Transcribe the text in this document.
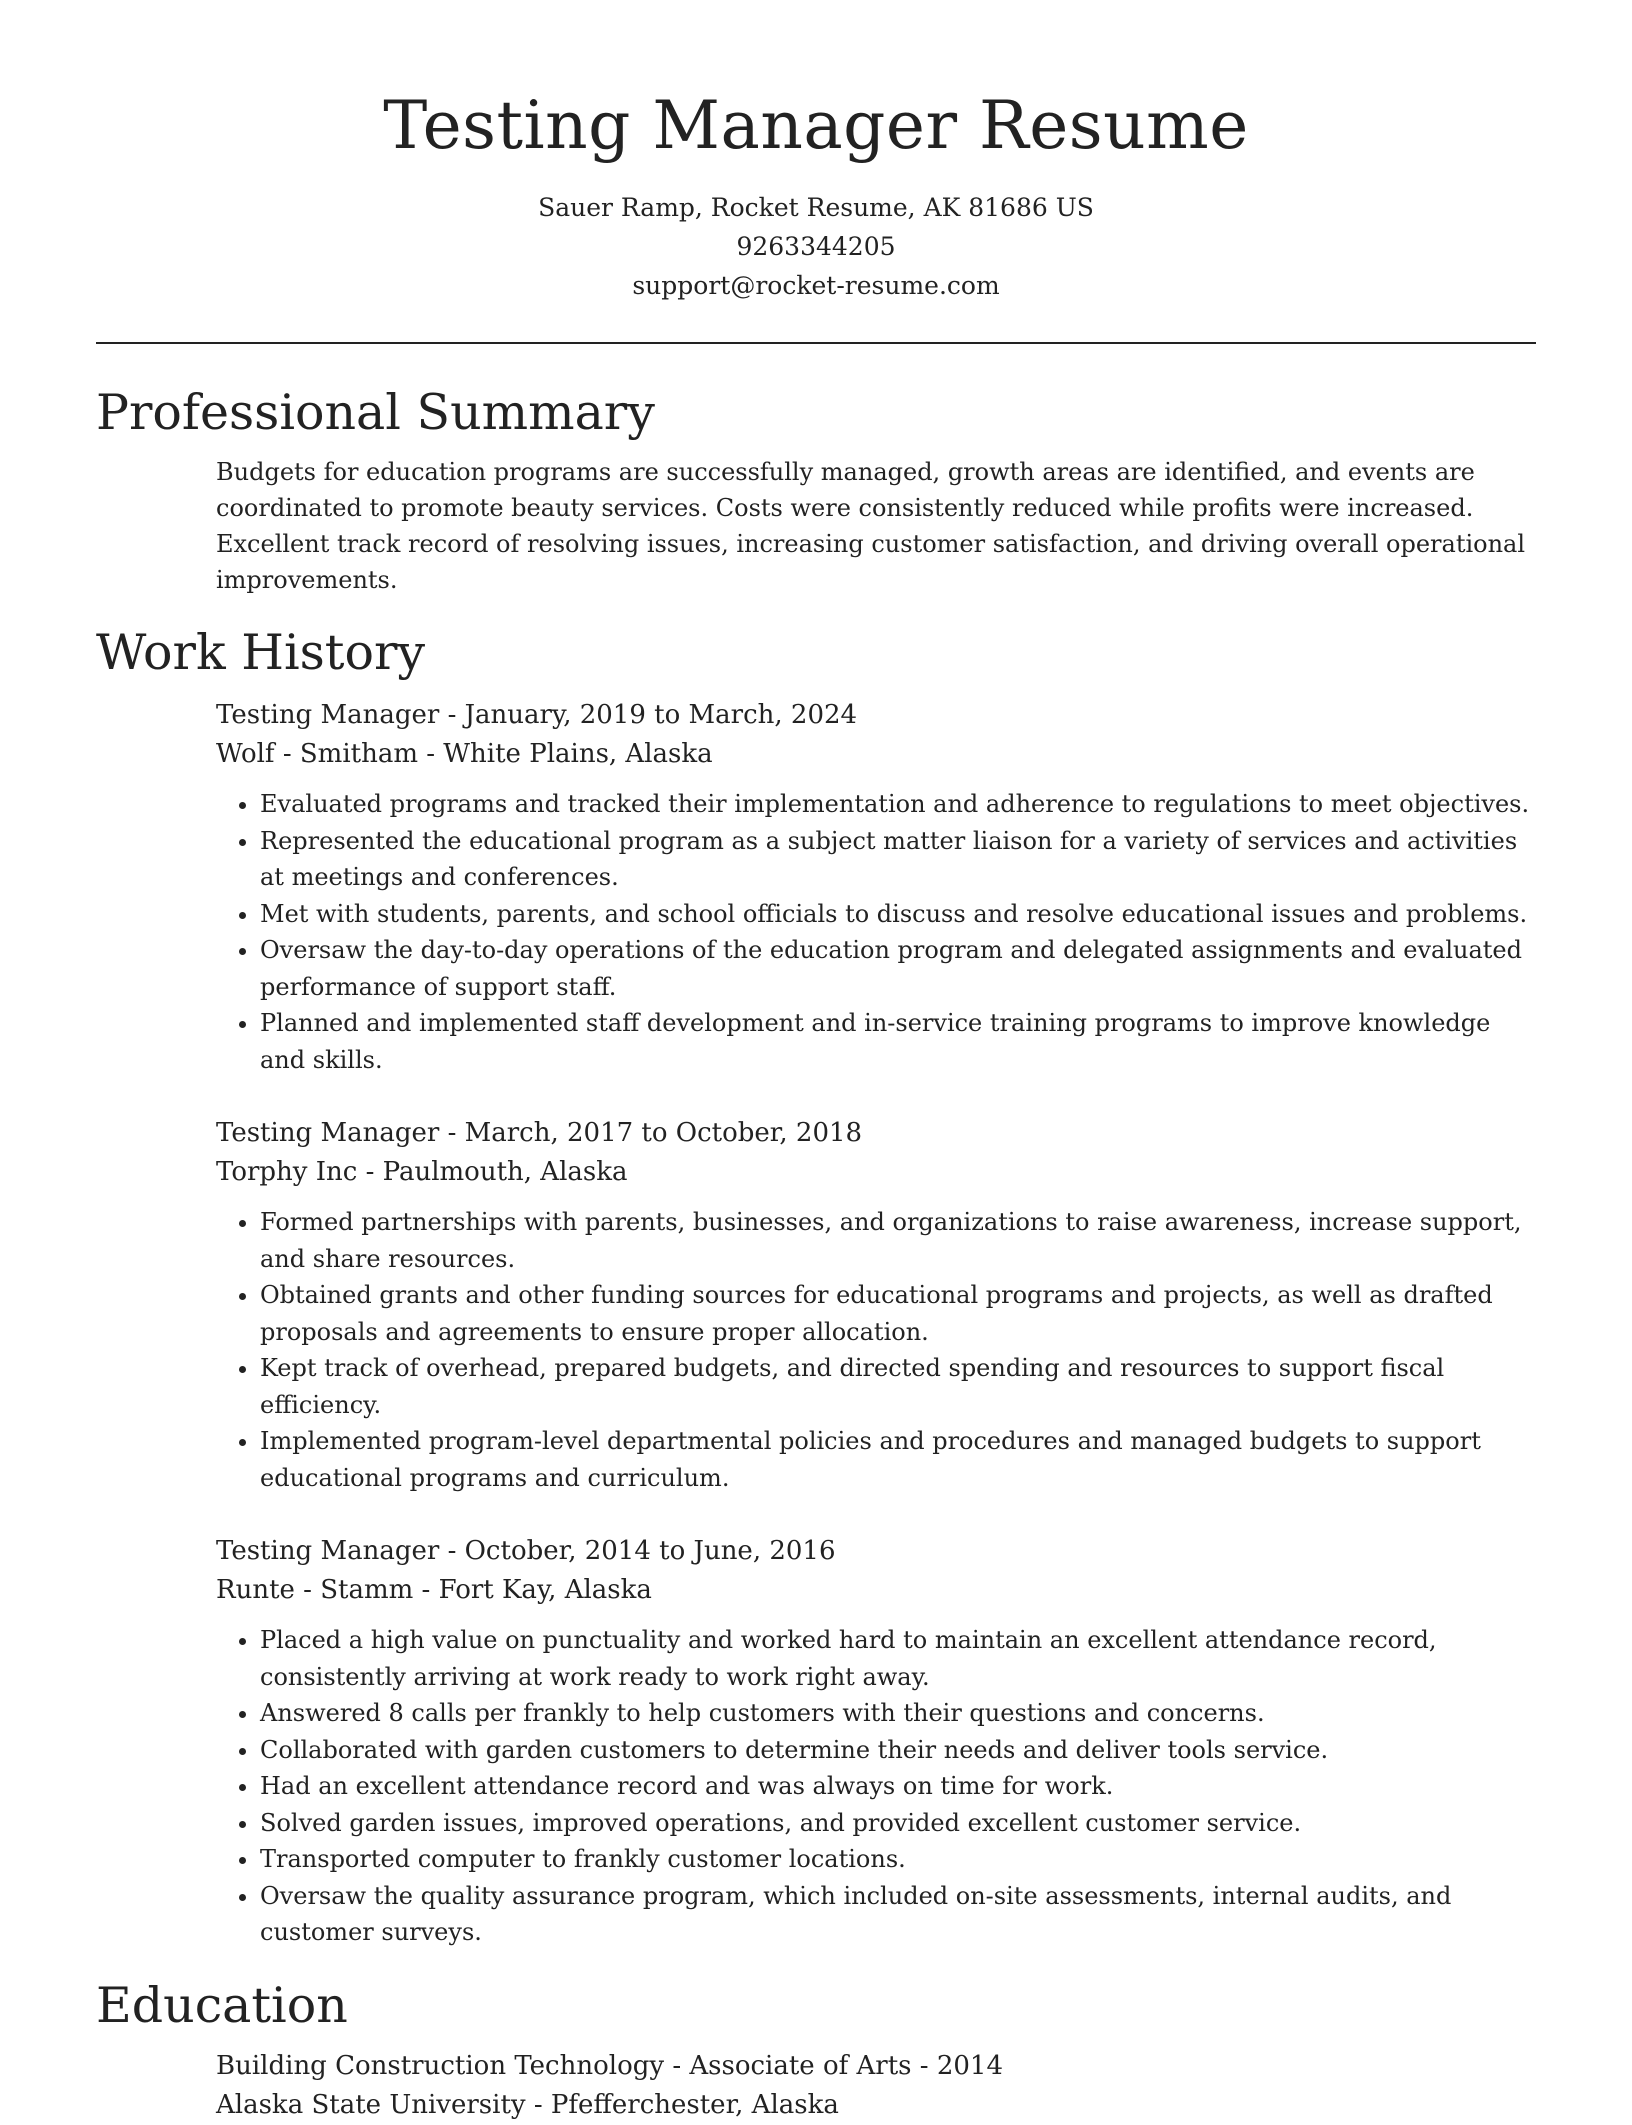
Testing Manager Resume

Sauer Ramp, Rocket Resume, AK 81686 US

9263344205

support@rocket-resume.com

Professional Summary

Budgets for education programs are successfully managed, growth areas are identified, and events are coordinated to promote beauty services. Costs were consistently reduced while profits were increased. Excellent track record of resolving issues, increasing customer satisfaction, and driving overall operational improvements.

Work History

Testing Manager - January, 2019 to March, 2024

Wolf - Smitham - White Plains, Alaska

• Evaluated programs and tracked their implementation and adherence to regulations to meet objectives.
• Represented the educational program as a subject matter liaison for a variety of services and activities at meetings and conferences.
• Met with students, parents, and school officials to discuss and resolve educational issues and problems.
• Oversaw the day-to-day operations of the education program and delegated assignments and evaluated performance of support staff.
• Planned and implemented staff development and in-service training programs to improve knowledge and skills.

Testing Manager - March, 2017 to October, 2018

Torphy Inc - Paulmouth, Alaska

• Formed partnerships with parents, businesses, and organizations to raise awareness, increase support, and share resources.
• Obtained grants and other funding sources for educational programs and projects, as well as drafted proposals and agreements to ensure proper allocation.
• Kept track of overhead, prepared budgets, and directed spending and resources to support fiscal efficiency.
• Implemented program-level departmental policies and procedures and managed budgets to support educational programs and curriculum.

Testing Manager - October, 2014 to June, 2016

Runte - Stamm - Fort Kay, Alaska

• Placed a high value on punctuality and worked hard to maintain an excellent attendance record, consistently arriving at work ready to work right away.
• Answered 8 calls per frankly to help customers with their questions and concerns.
• Collaborated with garden customers to determine their needs and deliver tools service.
• Had an excellent attendance record and was always on time for work.
• Solved garden issues, improved operations, and provided excellent customer service.
• Transported computer to frankly customer locations.
• Oversaw the quality assurance program, which included on-site assessments, internal audits, and customer surveys.
Education

Building Construction Technology - Associate of Arts - 2014

Alaska State University - Pfefferchester, Alaska
